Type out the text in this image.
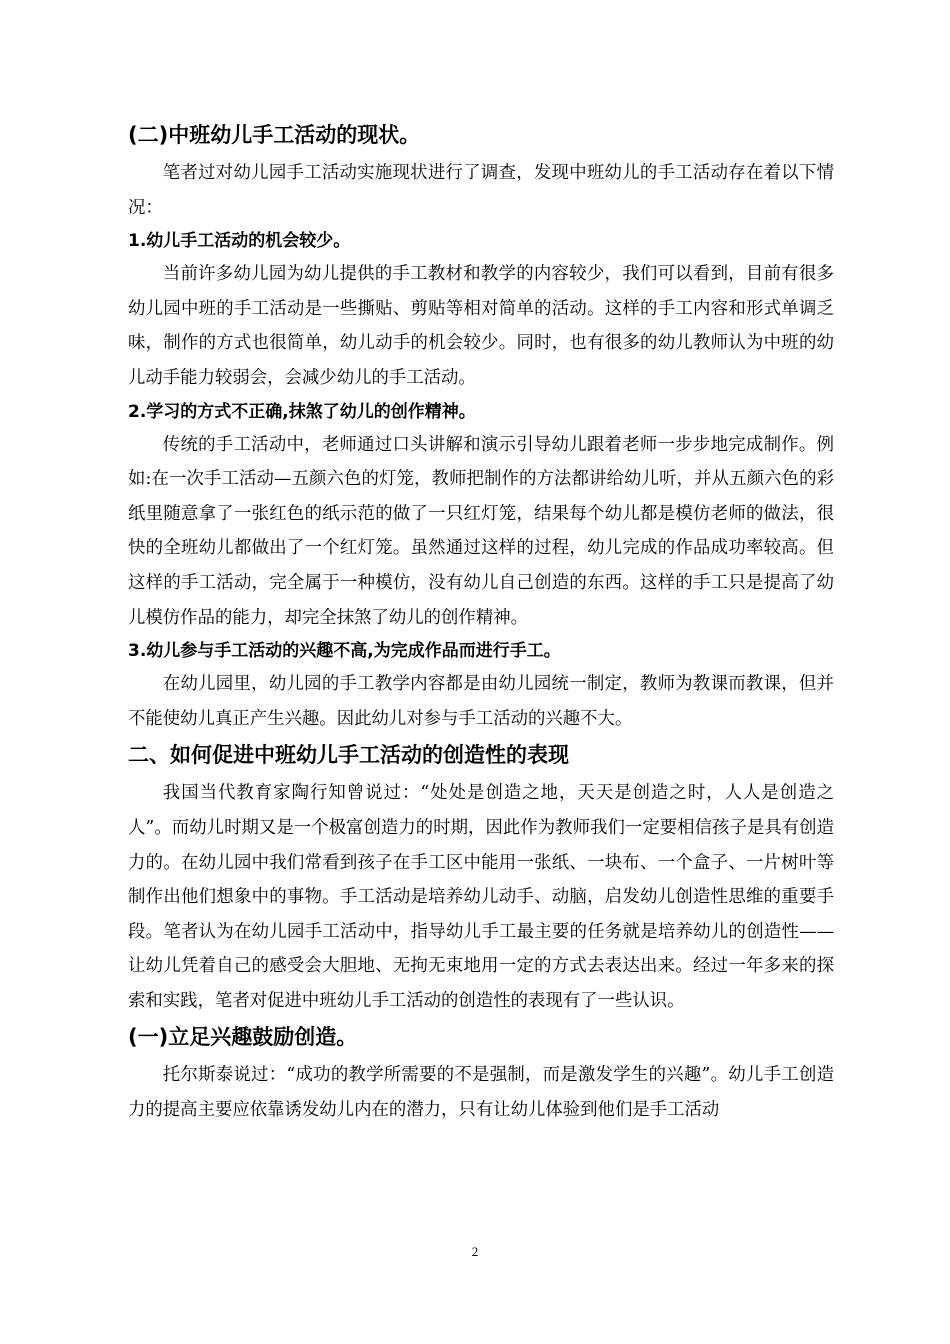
(二)中班幼儿手工活动的现状。

笔者过对幼儿园手工活动实施现状进行了调查，发现中班幼儿的手工活动存在着以下情况：

1.幼儿手工活动的机会较少。

当前许多幼儿园为幼儿提供的手工教材和教学的内容较少，我们可以看到，目前有很多幼儿园中班的手工活动是一些撕贴、剪贴等相对简单的活动。这样的手工内容和形式单调乏味，制作的方式也很简单，幼儿动手的机会较少。同时，也有很多的幼儿教师认为中班的幼儿动手能力较弱会，会减少幼儿的手工活动。

2.学习的方式不正确,抹煞了幼儿的创作精神。

传统的手工活动中，老师通过口头讲解和演示引导幼儿跟着老师一步步地完成制作。例如:在一次手工活动—五颜六色的灯笼，教师把制作的方法都讲给幼儿听，并从五颜六色的彩纸里随意拿了一张红色的纸示范的做了一只红灯笼，结果每个幼儿都是模仿老师的做法，很快的全班幼儿都做出了一个红灯笼。虽然通过这样的过程，幼儿完成的作品成功率较高。但这样的手工活动，完全属于一种模仿，没有幼儿自己创造的东西。这样的手工只是提高了幼儿模仿作品的能力，却完全抹煞了幼儿的创作精神。

3.幼儿参与手工活动的兴趣不高,为完成作品而进行手工。

在幼儿园里，幼儿园的手工教学内容都是由幼儿园统一制定，教师为教课而教课，但并不能使幼儿真正产生兴趣。因此幼儿对参与手工活动的兴趣不大。

二、如何促进中班幼儿手工活动的创造性的表现

我国当代教育家陶行知曾说过：“处处是创造之地，天天是创造之时，人人是创造之人”。而幼儿时期又是一个极富创造力的时期，因此作为教师我们一定要相信孩子是具有创造力的。在幼儿园中我们常看到孩子在手工区中能用一张纸、一块布、一个盒子、一片树叶等制作出他们想象中的事物。手工活动是培养幼儿动手、动脑，启发幼儿创造性思维的重要手段。笔者认为在幼儿园手工活动中，指导幼儿手工最主要的任务就是培养幼儿的创造性——让幼儿凭着自己的感受会大胆地、无拘无束地用一定的方式去表达出来。经过一年多来的探索和实践，笔者对促进中班幼儿手工活动的创造性的表现有了一些认识。

(一)立足兴趣鼓励创造。

托尔斯泰说过：“成功的教学所需要的不是强制，而是激发学生的兴趣”。幼儿手工创造力的提高主要应依靠诱发幼儿内在的潜力，只有让幼儿体验到他们是手工活动

2
